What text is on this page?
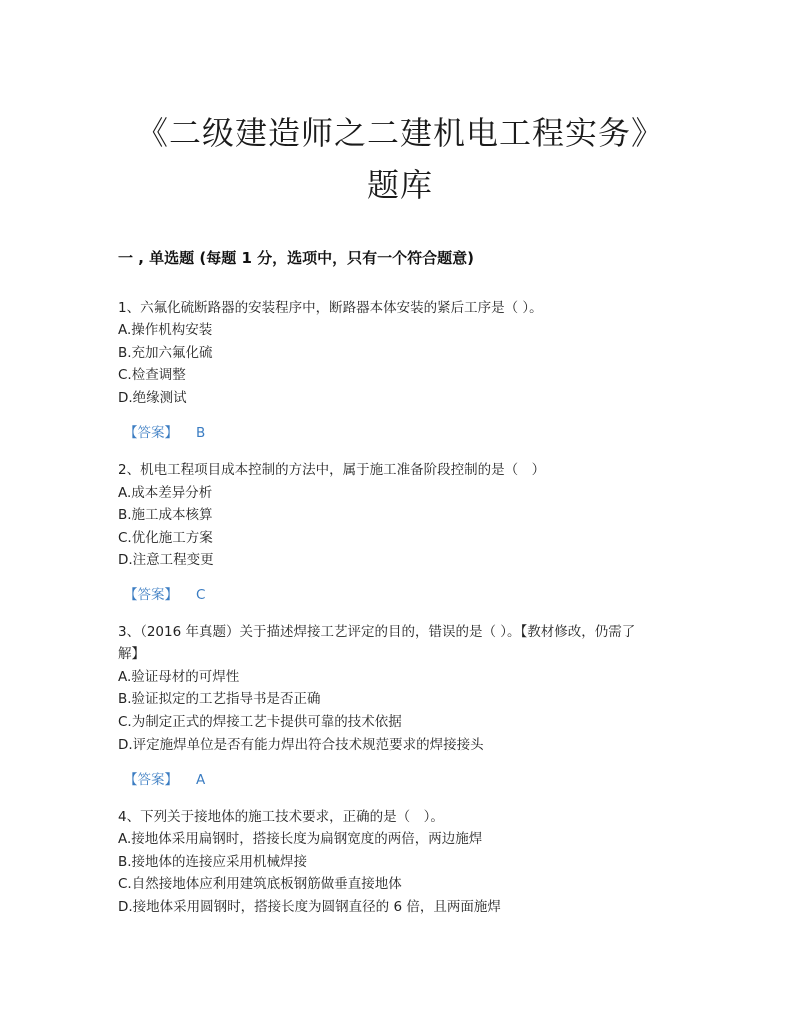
《二级建造师之二建机电工程实务》
题库
一 , 单选题 (每题 1 分，选项中，只有一个符合题意)
1、六氟化硫断路器的安装程序中，断路器本体安装的紧后工序是（ ）。
A.操作机构安装
B.充加六氟化硫
C.检查调整
D.绝缘测试
【答案】 B
2、机电工程项目成本控制的方法中，属于施工准备阶段控制的是（　）
A.成本差异分析
B.施工成本核算
C.优化施工方案
D.注意工程变更
【答案】 C
3、（2016 年真题）关于描述焊接工艺评定的目的，错误的是（ ）。【教材修改，仍需了
解】
A.验证母材的可焊性
B.验证拟定的工艺指导书是否正确
C.为制定正式的焊接工艺卡提供可靠的技术依据
D.评定施焊单位是否有能力焊出符合技术规范要求的焊接接头
【答案】 A
4、下列关于接地体的施工技术要求，正确的是（　）。
A.接地体采用扁钢时，搭接长度为扁钢宽度的两倍，两边施焊
B.接地体的连接应采用机械焊接
C.自然接地体应利用建筑底板钢筋做垂直接地体
D.接地体采用圆钢时，搭接长度为圆钢直径的 6 倍，且两面施焊
